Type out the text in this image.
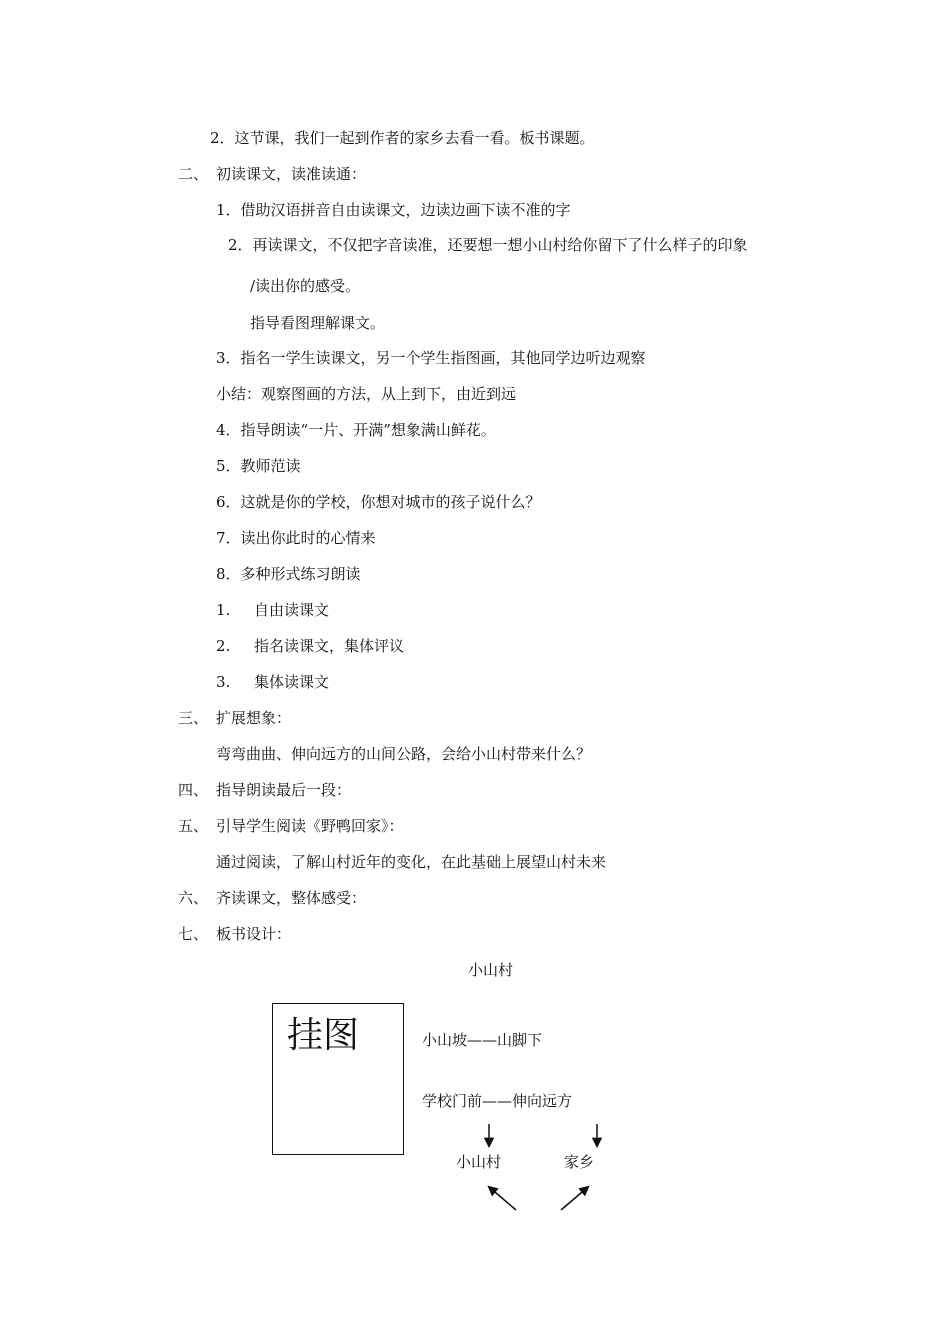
2．这节课，我们一起到作者的家乡去看一看。板书课题。
二、 初读课文，读准读通：
1．借助汉语拼音自由读课文，边读边画下读不准的字
2．再读课文，不仅把字音读准，还要想一想小山村给你留下了什么样子的印象
/读出你的感受。
指导看图理解课文。
3．指名一学生读课文，另一个学生指图画，其他同学边听边观察
小结：观察图画的方法，从上到下，由近到远
4．指导朗读“一片、开满”想象满山鲜花。
5．教师范读
6．这就是你的学校，你想对城市的孩子说什么？
7．读出你此时的心情来
8．多种形式练习朗读
1. 自由读课文
2. 指名读课文，集体评议
3. 集体读课文
三、 扩展想象：
弯弯曲曲、伸向远方的山间公路，会给小山村带来什么？
四、 指导朗读最后一段：
五、 引导学生阅读《野鸭回家》：
通过阅读，了解山村近年的变化，在此基础上展望山村未来
六、 齐读课文，整体感受：
七、 板书设计：
小山村
挂图	小山坡——山脚下
学校门前——伸向远方
小山村	家乡
